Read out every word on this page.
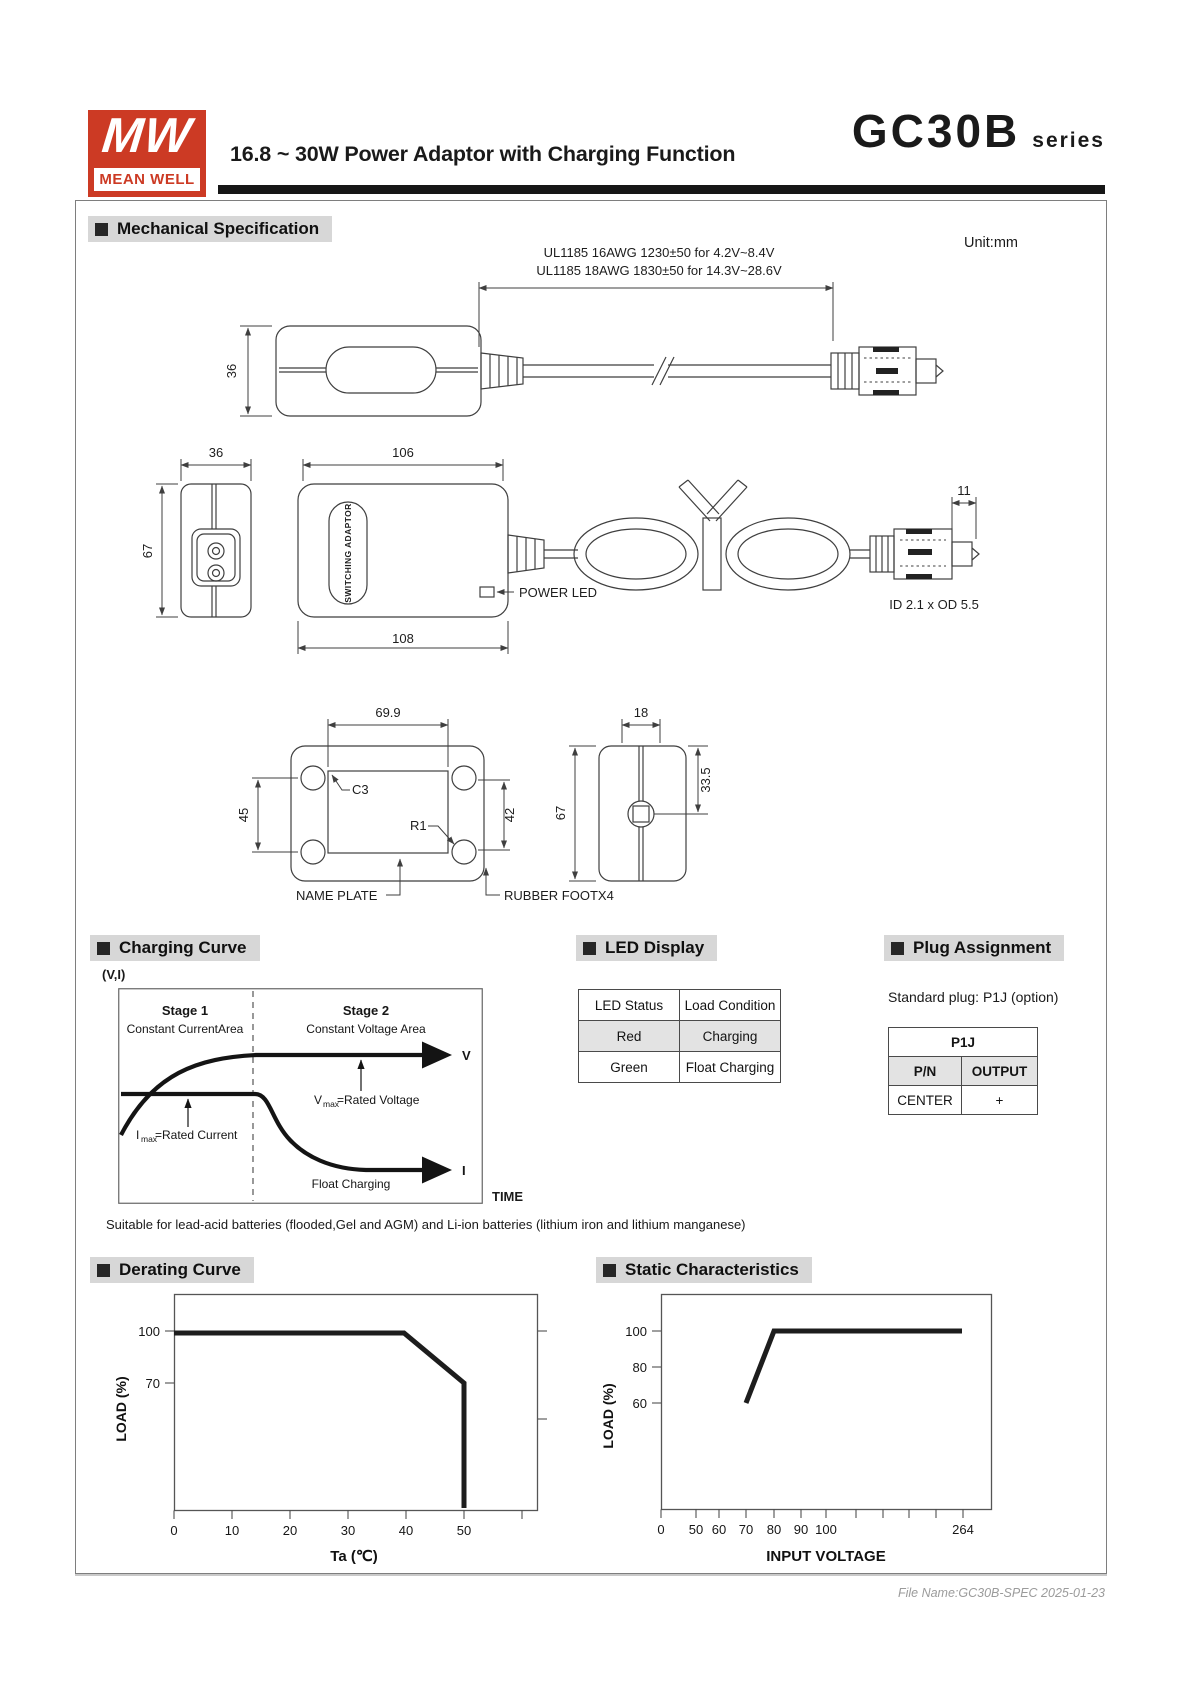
MW
MEAN WELL
16.8 ~ 30W Power Adaptor with Charging Function	GC30B series
Mechanical Specification
Unit:mm
UL1185 16AWG 1230±50 for 4.2V~8.4V
UL1185 18AWG 1830±50 for 14.3V~28.6V
36
36
67	SWITCHING ADAPTOR
106
108
POWER LED
11
ID 2.1 x OD 5.5
69.9
45	42
C3
R1
NAME PLATE	RUBBER FOOTX4
18
67
33.5
Charging Curve
(V,I)
Stage 1
Constant CurrentArea
Stage 2
Constant Voltage Area
V
I
V max
=Rated Voltage
I max
=Rated Current
Float Charging
TIME
Suitable for lead-acid batteries (flooded,Gel and AGM) and Li-ion batteries (lithium iron and lithium manganese)
LED Display
LED Status	Load Condition
Red	Charging
Green	Float Charging
Plug Assignment
Standard plug: P1J (option)
P1J	
P/N	OUTPUT
CENTER	+
Derating Curve
100
70
0	10	20	30	40	50
LOAD (%)
Ta (℃)
Static Characteristics
100
80
60
0 50 60 70 80 90 100	264
LOAD (%)
INPUT VOLTAGE
File Name:GC30B-SPEC 2025-01-23
